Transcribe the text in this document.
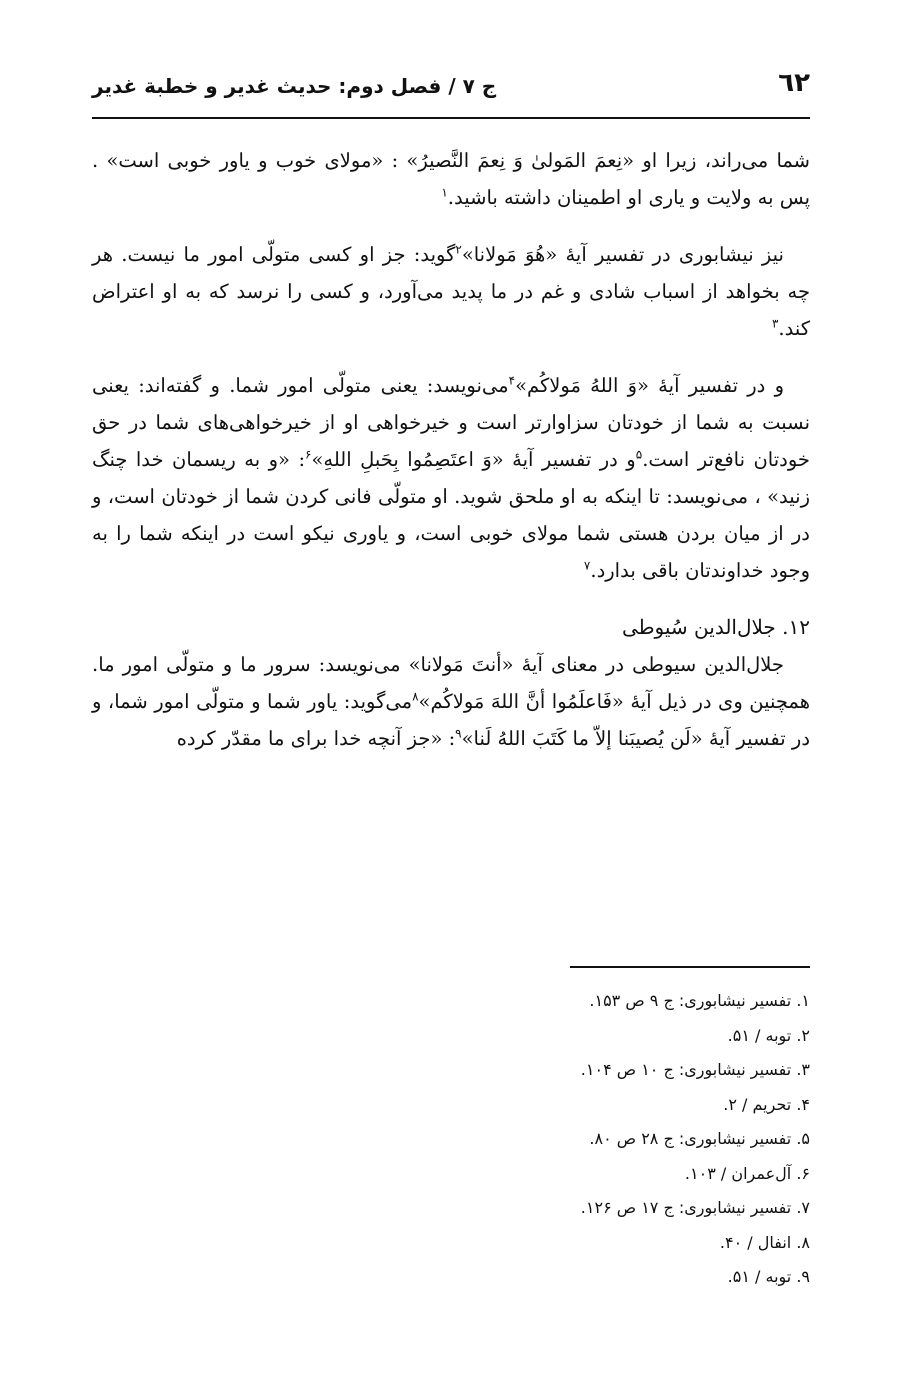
٦٢
ج ۷ / فصل دوم: حدیث غدیر و خطبة غدیر

شما می‌راند، زیرا او «نِعمَ المَولیٰ وَ نِعمَ النَّصیرُ» : «مولای خوب و یاور خوبی است» . پس به ولایت و یاری او اطمینان داشته باشید.$^۱$

نیز نیشابوری در تفسیر آیهٔ «هُوَ مَولانا»$^۲$گوید: جز او کسی متولّی امور ما نیست. هر چه بخواهد از اسباب شادی و غم در ما پدید می‌آورد، و کسی را نرسد که به او اعتراض کند.$^۳$

و در تفسیر آیهٔ «وَ اللهُ مَولاکُم»$^۴$می‌نویسد: یعنی متولّی امور شما. و گفته‌اند: یعنی نسبت به شما از خودتان سزاوارتر است و خیرخواهی او از خیرخواهی‌های شما در حق خودتان نافع‌تر است.$^۵$و در تفسیر آیهٔ «وَ اعتَصِمُوا بِحَبلِ اللهِ»$^۶$: «و به ریسمان خدا چنگ زنید» ، می‌نویسد: تا اینکه به او ملحق شوید. او متولّی فانی کردن شما از خودتان است، و در از میان بردن هستی شما مولای خوبی است، و یاوری نیکو است در اینکه شما را به وجود خداوندتان باقی بدارد.$^۷$

۱۲. جلال‌الدین سُیوطی

جلال‌الدین سیوطی در معنای آیهٔ «أنتَ مَولانا» می‌نویسد: سرور ما و متولّی امور ما. همچنین وی در ذیل آیهٔ «فَاعلَمُوا أنَّ اللهَ مَولاکُم»$^۸$می‌گوید: یاور شما و متولّی امور شما، و در تفسیر آیهٔ «لَن یُصیبَنا إلاّ ما کَتَبَ اللهُ لَنا»$^۹$: «جز آنچه خدا برای ما مقدّر کرده

۱. تفسیر نیشابوری: ج ۹ ص ۱۵۳.

۲. توبه / ۵۱.

۳. تفسیر نیشابوری: ج ۱۰ ص ۱۰۴.

۴. تحریم / ۲.

۵. تفسیر نیشابوری: ج ۲۸ ص ۸۰.

۶. آل‌عمران / ۱۰۳.

۷. تفسیر نیشابوری: ج ۱۷ ص ۱۲۶.

۸. انفال / ۴۰.

۹. توبه / ۵۱.
